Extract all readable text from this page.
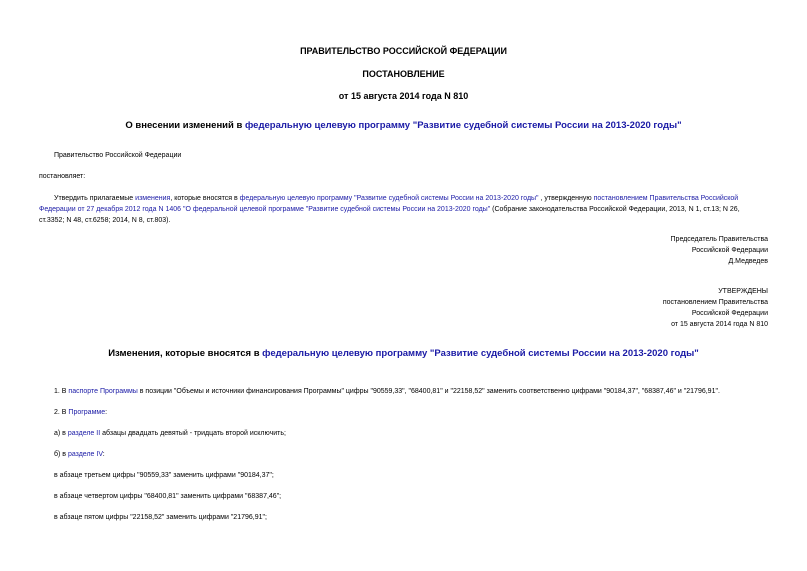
ПРАВИТЕЛЬСТВО РОССИЙСКОЙ ФЕДЕРАЦИИ
ПОСТАНОВЛЕНИЕ
от 15 августа 2014 года N 810
О внесении изменений в федеральную целевую программу "Развитие судебной системы России на 2013-2020 годы"
Правительство Российской Федерации
постановляет:
Утвердить прилагаемые изменения, которые вносятся в федеральную целевую программу "Развитие судебной системы России на 2013-2020 годы" , утвержденную постановлением Правительства Российской
Федерации от 27 декабря 2012 года N 1406 "О федеральной целевой программе "Развитие судебной системы России на 2013-2020 годы" (Собрание законодательства Российской Федерации, 2013, N 1, ст.13; N 26,
ст.3352; N 48, ст.6258; 2014, N 8, ст.803).
Председатель Правительства
Российской Федерации
Д.Медведев
УТВЕРЖДЕНЫ
постановлением Правительства
Российской Федерации
от 15 августа 2014 года N 810
Изменения, которые вносятся в федеральную целевую программу "Развитие судебной системы России на 2013-2020 годы"
1. В паспорте Программы в позиции "Объемы и источники финансирования Программы" цифры "90559,33", "68400,81" и "22158,52" заменить соответственно цифрами "90184,37", "68387,46" и "21796,91".
2. В Программе:
а) в разделе II абзацы двадцать девятый - тридцать второй исключить;
б) в разделе IV:
в абзаце третьем цифры "90559,33" заменить цифрами "90184,37";
в абзаце четвертом цифры "68400,81" заменить цифрами "68387,46";
в абзаце пятом цифры "22158,52" заменить цифрами "21796,91";
